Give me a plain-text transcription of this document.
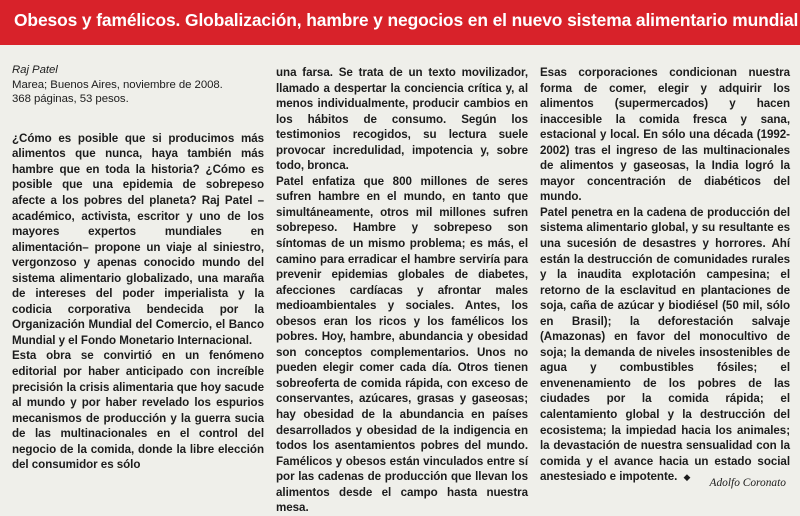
Obesos y famélicos. Globalización, hambre y negocios en el nuevo sistema alimentario mundial

Raj Patel
Marea; Buenos Aires, noviembre de 2008.
368 páginas, 53 pesos.

¿Cómo es posible que si producimos más alimentos que nunca, haya también más hambre que en toda la historia? ¿Cómo es posible que una epidemia de sobrepeso afecte a los pobres del planeta? Raj Patel –académico, activista, escritor y uno de los mayores expertos mundiales en alimentación– propone un viaje al siniestro, vergonzoso y apenas conocido mundo del sistema alimentario globalizado, una maraña de intereses del poder imperialista y la codicia corporativa bendecida por la Organización Mundial del Comercio, el Banco Mundial y el Fondo Monetario Internacional.

Esta obra se convirtió en un fenómeno editorial por haber anticipado con increíble precisión la crisis alimentaria que hoy sacude al mundo y por haber revelado los espurios mecanismos de producción y la guerra sucia de las multinacionales en el control del negocio de la comida, donde la libre elección del consumidor es sólo

una farsa. Se trata de un texto movilizador, llamado a despertar la conciencia crítica y, al menos individualmente, producir cambios en los hábitos de consumo. Según los testimonios recogidos, su lectura suele provocar incredulidad, impotencia y, sobre todo, bronca.

Patel enfatiza que 800 millones de seres sufren hambre en el mundo, en tanto que simultáneamente, otros mil millones sufren sobrepeso. Hambre y sobrepeso son síntomas de un mismo problema; es más, el camino para erradicar el hambre serviría para prevenir epidemias globales de diabetes, afecciones cardíacas y afrontar males medioambientales y sociales. Antes, los obesos eran los ricos y los famélicos los pobres. Hoy, hambre, abundancia y obesidad son conceptos complementarios. Unos no pueden elegir comer cada día. Otros tienen sobreoferta de comida rápida, con exceso de conservantes, azúcares, grasas y gaseosas; hay obesidad de la abundancia en países desarrollados y obesidad de la indigencia en todos los asentamientos pobres del mundo. Famélicos y obesos están vinculados entre sí por las cadenas de producción que llevan los alimentos desde el campo hasta nuestra mesa.

Esas corporaciones condicionan nuestra forma de comer, elegir y adquirir los alimentos (supermercados) y hacen inaccesible la comida fresca y sana, estacional y local. En sólo una década (1992-2002) tras el ingreso de las multinacionales de alimentos y gaseosas, la India logró la mayor concentración de diabéticos del mundo.

Patel penetra en la cadena de producción del sistema alimentario global, y su resultante es una sucesión de desastres y horrores. Ahí están la destrucción de comunidades rurales y la inaudita explotación campesina; el retorno de la esclavitud en plantaciones de soja, caña de azúcar y biodiésel (50 mil, sólo en Brasil); la deforestación salvaje (Amazonas) en favor del monocultivo de soja; la demanda de niveles insostenibles de agua y combustibles fósiles; el envenenamiento de los pobres de las ciudades por la comida rápida; el calentamiento global y la destrucción del ecosistema; la impiedad hacia los animales; la devastación de nuestra sensualidad con la comida y el avance hacia un estado social anestesiado e impotente. ◆	Adolfo Coronato
